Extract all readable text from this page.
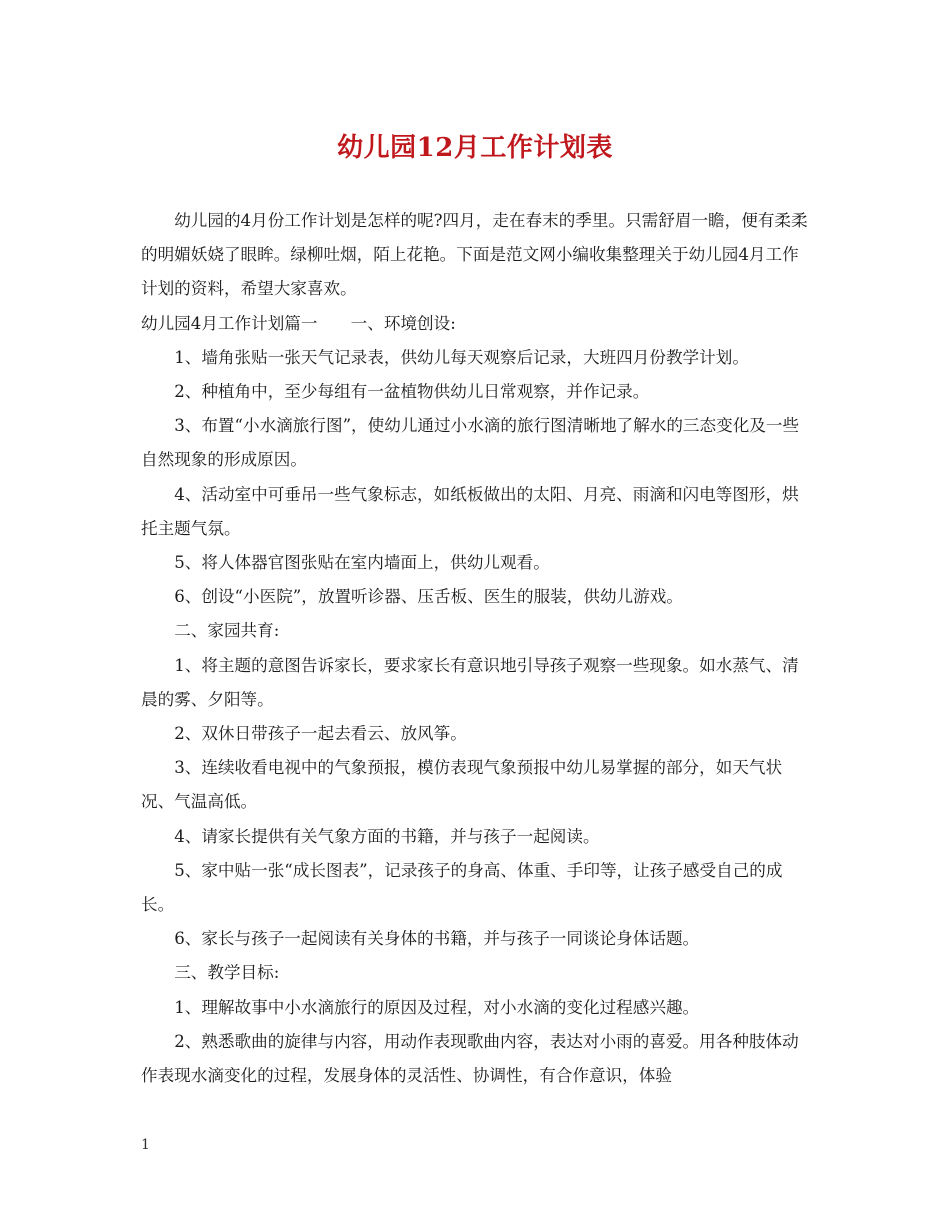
幼儿园12月工作计划表

幼儿园的4月份工作计划是怎样的呢?四月，走在春末的季里。只需舒眉一瞻，便有柔柔的明媚妖娆了眼眸。绿柳吐烟，陌上花艳。下面是范文网小编收集整理关于幼儿园4月工作计划的资料，希望大家喜欢。

幼儿园4月工作计划篇一　　一、环境创设:

1、墙角张贴一张天气记录表，供幼儿每天观察后记录，大班四月份教学计划。

2、种植角中，至少每组有一盆植物供幼儿日常观察，并作记录。

3、布置“小水滴旅行图”，使幼儿通过小水滴的旅行图清晰地了解水的三态变化及一些自然现象的形成原因。

4、活动室中可垂吊一些气象标志，如纸板做出的太阳、月亮、雨滴和闪电等图形，烘托主题气氛。

5、将人体器官图张贴在室内墙面上，供幼儿观看。

6、创设“小医院”，放置听诊器、压舌板、医生的服装，供幼儿游戏。

二、家园共育:

1、将主题的意图告诉家长，要求家长有意识地引导孩子观察一些现象。如水蒸气、清晨的雾、夕阳等。

2、双休日带孩子一起去看云、放风筝。

3、连续收看电视中的气象预报，模仿表现气象预报中幼儿易掌握的部分，如天气状况、气温高低。

4、请家长提供有关气象方面的书籍，并与孩子一起阅读。

5、家中贴一张“成长图表”，记录孩子的身高、体重、手印等，让孩子感受自己的成长。

6、家长与孩子一起阅读有关身体的书籍，并与孩子一同谈论身体话题。

三、教学目标:

1、理解故事中小水滴旅行的原因及过程，对小水滴的变化过程感兴趣。

2、熟悉歌曲的旋律与内容，用动作表现歌曲内容，表达对小雨的喜爱。用各种肢体动作表现水滴变化的过程，发展身体的灵活性、协调性，有合作意识，体验

1
